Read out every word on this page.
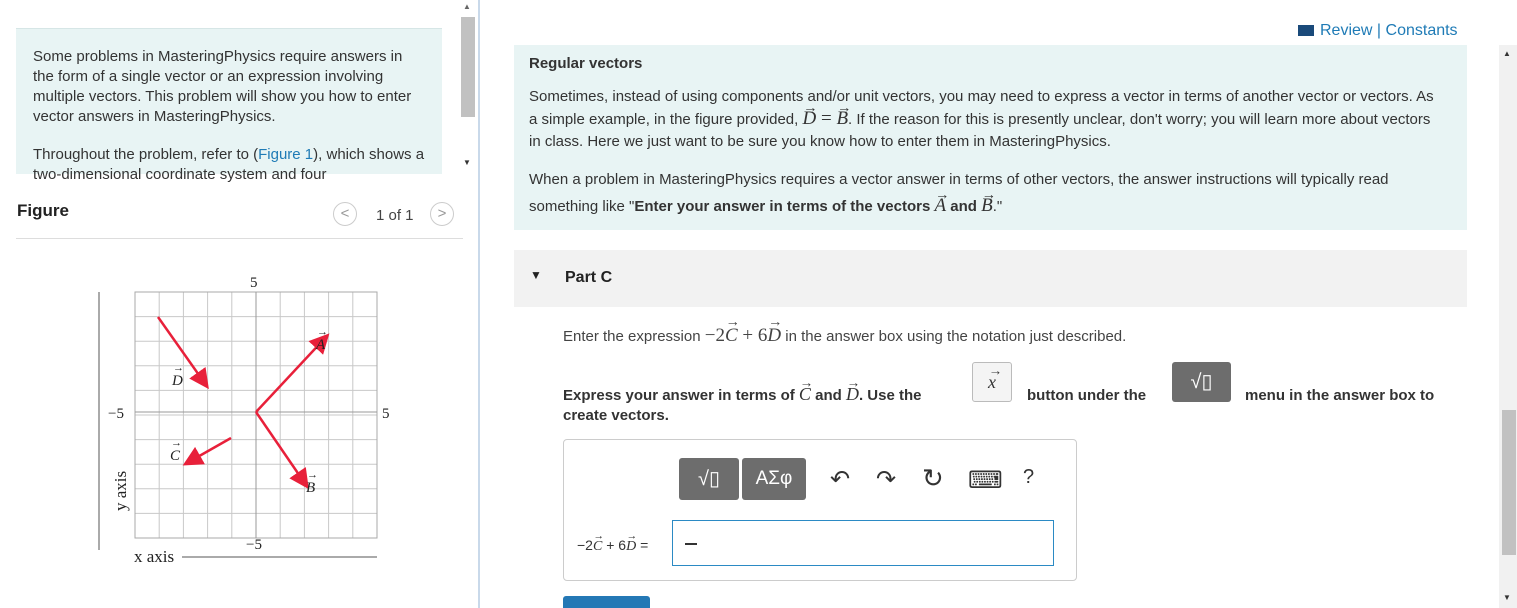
Some problems in MasteringPhysics require answers in the form of a single vector or an expression involving multiple vectors. This problem will show you how to enter vector answers in MasteringPhysics.

Throughout the problem, refer to (Figure 1), which shows a two-dimensional coordinate system and four

▲
▼
Figure	<	1 of 1	>
5
−5	5
−5
y axis
x axis
A
B
C
D
→
→
→
→
Review | Constants
Regular vectors

Sometimes, instead of using components and/or unit vectors, you may need to express a vector in terms of another vector or vectors. As a simple example, in the figure provided, → D = → B. If the reason for this is presently unclear, don't worry; you will learn more about vectors in class. Here we just want to be sure you know how to enter them in MasteringPhysics.

When a problem in MasteringPhysics requires a vector answer in terms of other vectors, the answer instructions will typically read something like "Enter your answer in terms of the vectors → A and → B."

▼ Part C
Enter the expression −2→ C + 6→ D in the answer box using the notation just described.
Express your answer in terms of → C and → D. Use the
create vectors.
→ x
button under the
√▯
menu in the answer box to
√▯	ΑΣφ	↶ ↷ ↻ ⌨ ?
−2→ C + 6→ D =
▲
▼
